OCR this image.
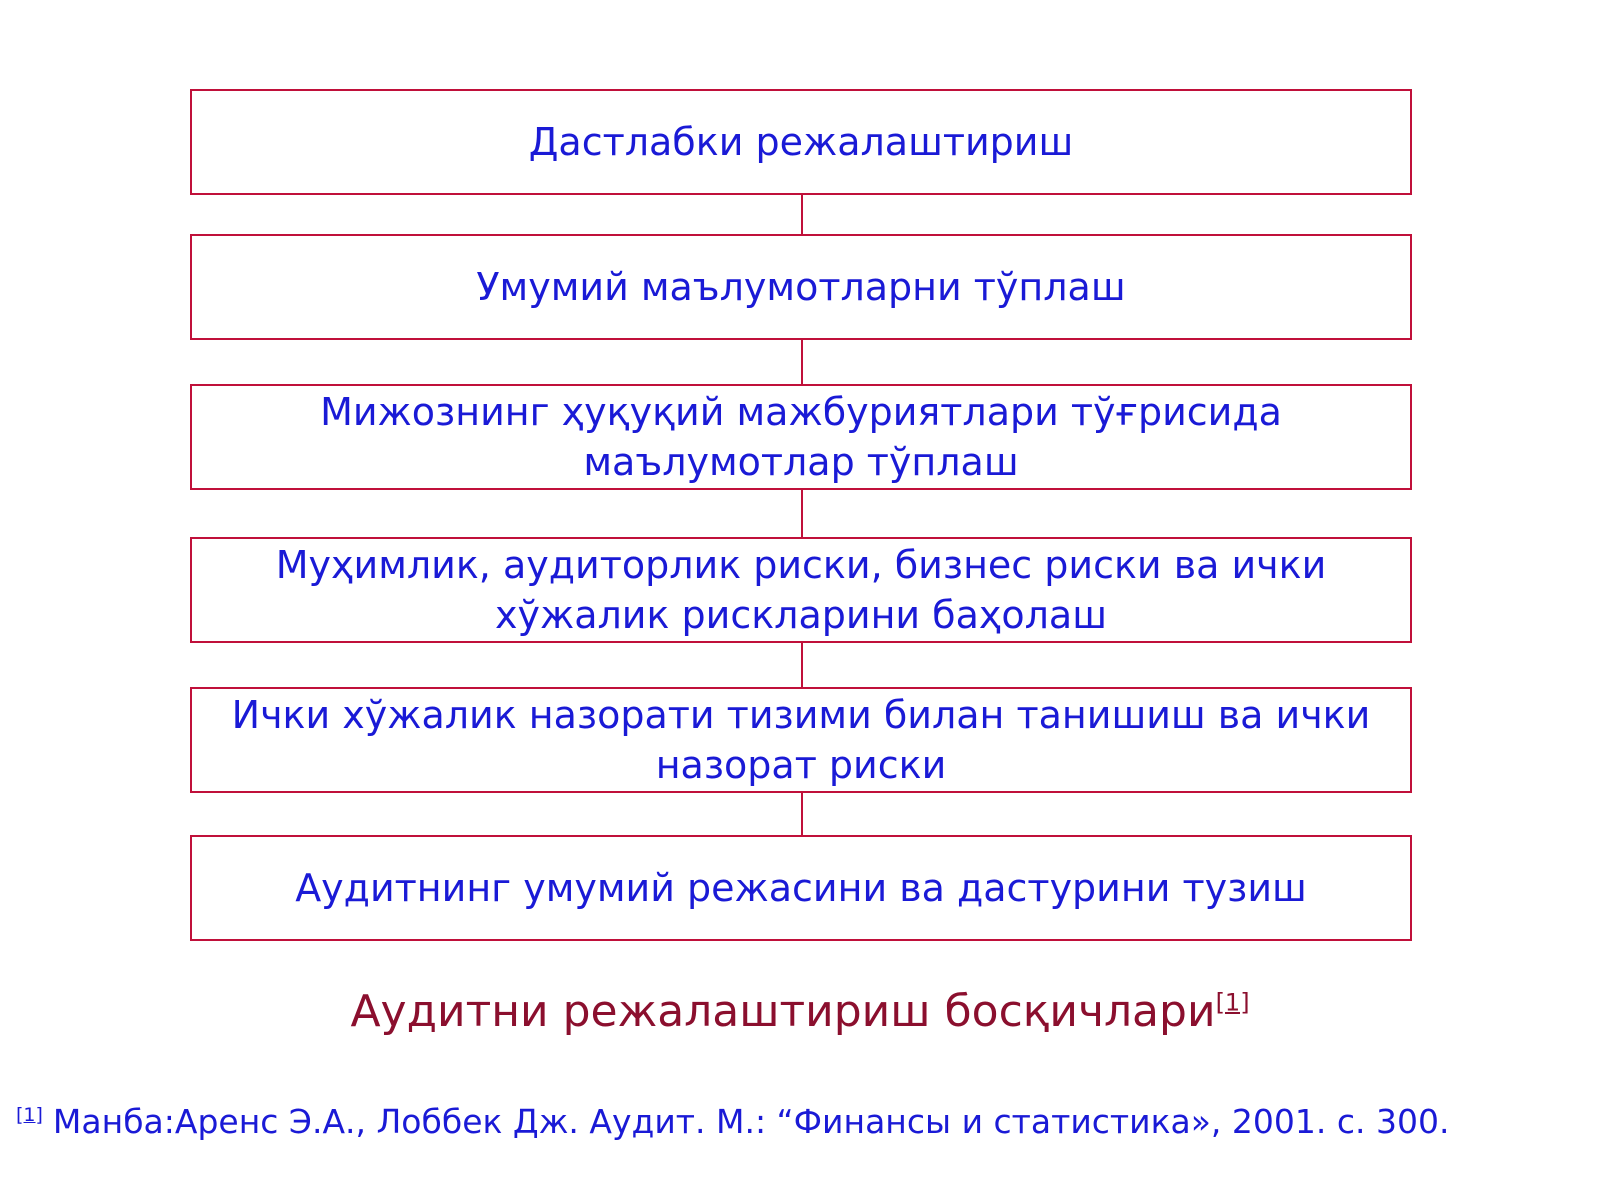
Дастлабки режалаштириш
Умумий маълумотларни тўплаш
Мижознинг ҳуқуқий мажбуриятлари тўғрисида маълумотлар тўплаш
Муҳимлик, аудиторлик риски, бизнес риски ва ички хўжалик рискларини баҳолаш
Ички хўжалик назорати тизими билан танишиш ва ички назорат риски
Аудитнинг умумий режасини ва дастурини тузиш
Аудитни режалаштириш босқичлари[1]
[1] Манба:Аренс Э.А., Лоббек Дж. Аудит. М.: “Финансы и статистика», 2001. с. 300.
